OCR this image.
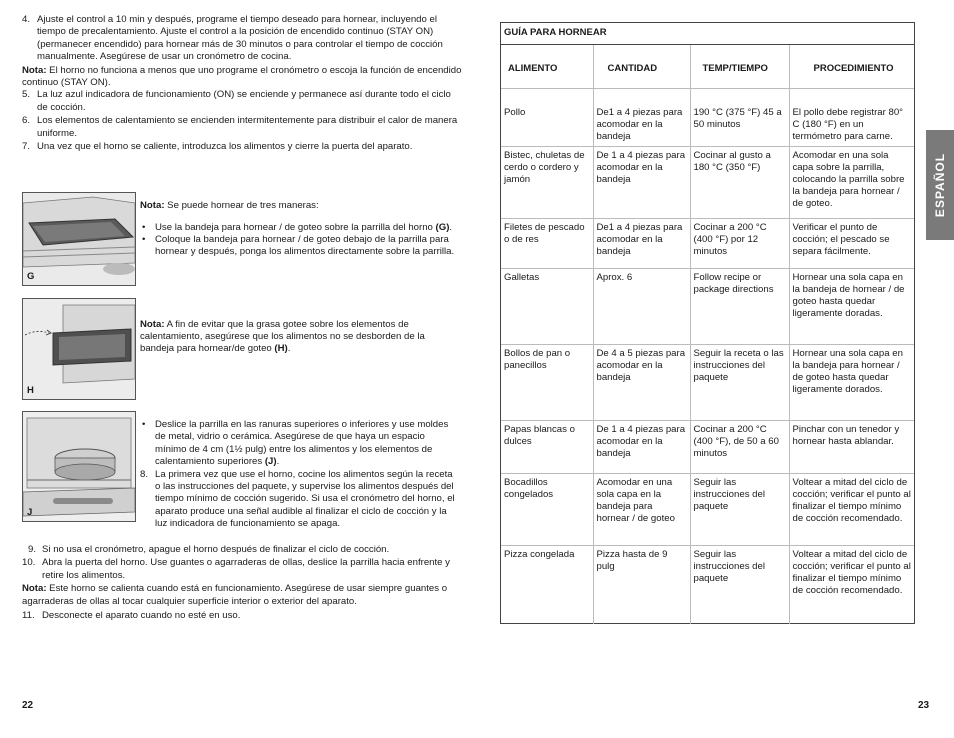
4. Ajuste el control a 10 min y después, programe el tiempo deseado para hornear, incluyendo el tiempo de precalentamiento. Ajuste el control a la posición de encendido continuo (STAY ON) (permanecer encendido) para hornear más de 30 minutos o para controlar el tiempo de cocción manualmente. Asegúrese de usar un cronómetro de cocina.

Nota: El horno no funciona a menos que uno programe el cronómetro o escoja la función de encendido continuo (STAY ON).

5. La luz azul indicadora de funcionamiento (ON) se enciende y permanece así durante todo el ciclo de cocción.
6. Los elementos de calentamiento se encienden intermitentemente para distribuir el calor de manera uniforme.
7. Una vez que el horno se caliente, introduzca los alimentos y cierre la puerta del aparato.
G

Nota: Se puede hornear de tres maneras:

• Use la bandeja para hornear / de goteo sobre la parrilla del horno (G).
• Coloque la bandeja para hornear / de goteo debajo de la parrilla para hornear y después, ponga los alimentos directamente sobre la parrilla.
H

Nota: A fin de evitar que la grasa gotee sobre los elementos de calentamiento, asegúrese que los alimentos no se desborden de la bandeja para hornear/de goteo (H).

J
• Deslice la parrilla en las ranuras superiores o inferiores y use moldes de metal, vidrio o cerámica. Asegúrese de que haya un espacio mínimo de 4 cm (1½ pulg) entre los alimentos y los elementos de calentamiento superiores (J).
8. La primera vez que use el horno, cocine los alimentos según la receta o las instrucciones del paquete, y supervise los alimentos después del tiempo mínimo de cocción sugerido. Si usa el cronómetro del horno, el aparato produce una señal audible al finalizar el ciclo de cocción y la luz indicadora de funcionamiento se apaga.
9. Si no usa el cronómetro, apague el horno después de finalizar el ciclo de cocción.
10. Abra la puerta del horno. Use guantes o agarraderas de ollas, deslice la parrilla hacia enfrente y retire los alimentos.

Nota: Este horno se calienta cuando está en funcionamiento. Asegúrese de usar siempre guantes o agarraderas de ollas al tocar cualquier superficie interior o exterior del aparato.

11. Desconecte el aparato cuando no esté en uso.
22
GUÍA PARA HORNEAR			
ALIMENTO	CANTIDAD	TEMP/TIEMPO	PROCEDIMIENTO
Pollo	De1 a 4 piezas para acomodar en la bandeja	190 °C (375 °F) 45 a 50 minutos	El pollo debe registrar 80° C (180 °F) en un termómetro para carne.
Bistec, chuletas de cerdo o cordero y jamón	De 1 a 4 piezas para acomodar en la bandeja	Cocinar al gusto a 180 °C (350 °F)	Acomodar en una sola capa sobre la parrilla, colocando la parrilla sobre la bandeja para hornear / de goteo.
Filetes de pescado o de res	De1 a 4 piezas para acomodar en la bandeja	Cocinar a 200 °C (400 °F) por 12 minutos	Verificar el punto de cocción; el pescado se separa fácilmente.
Galletas	Aprox. 6	Follow recipe or package directions	Hornear una sola capa en la bandeja de hornear / de goteo hasta quedar ligeramente doradas.
Bollos de pan o panecillos	De 4 a 5 piezas para acomodar en la bandeja	Seguir la receta o las instrucciones del paquete	Hornear una sola capa en la bandeja para hornear / de goteo hasta quedar ligeramente dorados.
Papas blancas o dulces	De 1 a 4 piezas para acomodar en la bandeja	Cocinar a 200 °C (400 °F), de 50 a 60 minutos	Pinchar con un tenedor y hornear hasta ablandar.
Bocadillos congelados	Acomodar en una sola capa en la bandeja para hornear / de goteo	Seguir las instrucciones del paquete	Voltear a mitad del ciclo de cocción; verificar el punto al finalizar el tiempo mínimo de cocción recomendado.
Pizza congelada	Pizza hasta de 9 pulg	Seguir las instrucciones del paquete	Voltear a mitad del ciclo de cocción; verificar el punto al finalizar el tiempo mínimo de cocción recomendado.
ESPAÑOL
23
